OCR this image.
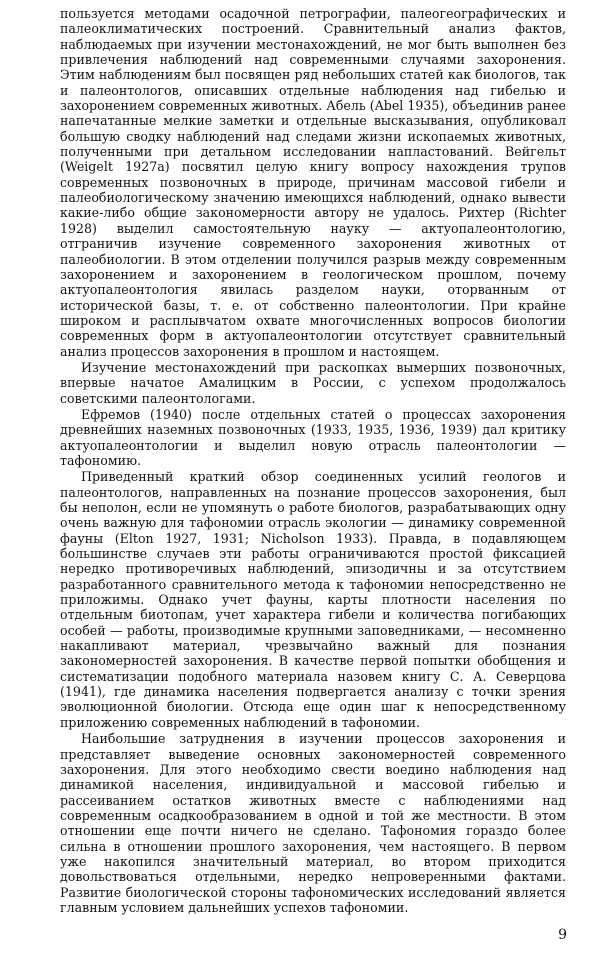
пользуется методами осадочной петрографии, палеогеографических и палеоклиматических построений. Сравнительный анализ фактов, наблюдаемых при изучении местонахождений, не мог быть выполнен без привлечения наблюдений над современными случаями захоронения. Этим наблюдениям был посвящен ряд небольших статей как биологов, так и палеонтологов, описавших отдельные наблюдения над гибелью и захоронением современных животных. Абель (Abel 1935), объединив ранее напечатанные мелкие заметки и отдельные высказывания, опубликовал большую сводку наблюдений над следами жизни ископаемых животных, полученными при детальном исследовании напластований. Вейгельт (Weigelt 1927а) посвятил целую книгу вопросу нахождения трупов современных позвоночных в природе, причинам массовой гибели и палеобиологическому значению имеющихся наблюдений, однако вывести какие-либо общие закономерности автору не удалось. Рихтер (Richter 1928) выделил самостоятельную науку — актуопалеонтологию, отграничив изучение современного захоронения животных от палеобиологии. В этом отделении получился разрыв между современным захоронением и захоронением в геологическом прошлом, почему актуопалеонтология явилась разделом науки, оторванным от исторической базы, т. е. от собственно палеонтологии. При крайне широком и расплывчатом охвате многочисленных вопросов биологии современных форм в актуопалеонтологии отсутствует сравнительный анализ процессов захоронения в прошлом и настоящем.

Изучение местонахождений при раскопках вымерших позвоночных, впервые начатое Амалицким в России, с успехом продолжалось советскими палеонтологами.

Ефремов (1940) после отдельных статей о процессах захоронения древнейших наземных позвоночных (1933, 1935, 1936, 1939) дал критику актуопалеонтологии и выделил новую отрасль палеонтологии — тафономию.

Приведенный краткий обзор соединенных усилий геологов и палеонтологов, направленных на познание процессов захоронения, был бы неполон, если не упомянуть о работе биологов, разрабатывающих одну очень важную для тафономии отрасль экологии — динамику современной фауны (Elton 1927, 1931; Nicholson 1933). Правда, в подавляющем большинстве случаев эти работы ограничиваются простой фиксацией нередко противоречивых наблюдений, эпизодичны и за отсутствием разработанного сравнительного метода к тафономии непосредственно не приложимы. Однако учет фауны, карты плотности населения по отдельным биотопам, учет характера гибели и количества погибающих особей — работы, производимые крупными заповедниками, — несомненно накапливают материал, чрезвычайно важный для познания закономерностей захоронения. В качестве первой попытки обобщения и систематизации подобного материала назовем книгу С. А. Северцова (1941), где динамика населения подвергается анализу с точки зрения эволюционной биологии. Отсюда еще один шаг к непосредственному приложению современных наблюдений в тафономии.

Наибольшие затруднения в изучении процессов захоронения и представляет выведение основных закономерностей современного захоронения. Для этого необходимо свести воедино наблюдения над динамикой населения, индивидуальной и массовой гибелью и рассеиванием остатков животных вместе с наблюдениями над современным осадкообразованием в одной и той же местности. В этом отношении еще почти ничего не сделано. Тафономия гораздо более сильна в отношении прошлого захоронения, чем настоящего. В первом уже накопился значительный материал, во втором приходится довольствоваться отдельными, нередко непроверенными фактами. Развитие биологической стороны тафономических исследований является главным условием дальнейших успехов тафономии.

9
